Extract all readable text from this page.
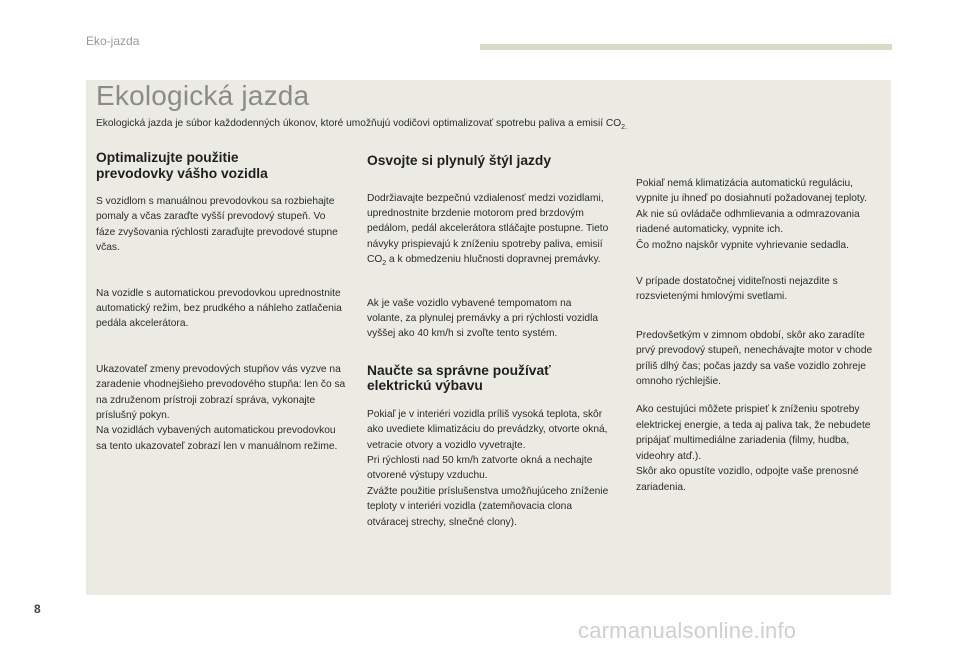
Eko-jazda
Ekologická jazda
Ekologická jazda je súbor každodenných úkonov, ktoré umožňujú vodičovi optimalizovať spotrebu paliva a emisií $CO_{2.}$
Optimalizujte použitie
prevodovky vášho vozidla

S vozidlom s manuálnou prevodovkou sa rozbiehajte pomaly a včas zaraďte vyšší prevodový stupeň. Vo fáze zvyšovania rýchlosti zaraďujte prevodové stupne včas.

Na vozidle s automatickou prevodovkou uprednostnite automatický režim, bez prudkého a náhleho zatlačenia pedála akcelerátora.

Ukazovateľ zmeny prevodových stupňov vás vyzve na zaradenie vhodnejšieho prevodového stupňa: len čo sa na združenom prístroji zobrazí správa, vykonajte príslušný pokyn.

Na vozidlách vybavených automatickou prevodovkou sa tento ukazovateľ zobrazí len v manuálnom režime.

Osvojte si plynulý štýl jazdy

Dodržiavajte bezpečnú vzdialenosť medzi vozidlami, uprednostnite brzdenie motorom pred brzdovým pedálom, pedál akcelerátora stláčajte postupne. Tieto návyky prispievajú k zníženiu spotreby paliva, emisií $CO_2$ a k obmedzeniu hlučnosti dopravnej premávky.

Ak je vaše vozidlo vybavené tempomatom na volante, za plynulej premávky a pri rýchlosti vozidla vyššej ako 40 km/h si zvoľte tento systém.

Naučte sa správne používať
elektrickú výbavu

Pokiaľ je v interiéri vozidla príliš vysoká teplota, skôr ako uvediete klimatizáciu do prevádzky, otvorte okná, vetracie otvory a vozidlo vyvetrajte.

Pri rýchlosti nad 50 km/h zatvorte okná a nechajte otvorené výstupy vzduchu.

Zvážte použitie príslušenstva umožňujúceho zníženie teploty v interiéri vozidla (zatemňovacia clona otváracej strechy, slnečné clony).

Pokiaľ nemá klimatizácia automatickú reguláciu, vypnite ju ihneď po dosiahnutí požadovanej teploty.

Ak nie sú ovládače odhmlievania a odmrazovania riadené automaticky, vypnite ich.

Čo možno najskôr vypnite vyhrievanie sedadla.

V prípade dostatočnej viditeľnosti nejazdite s rozsvietenými hmlovými svetlami.

Predovšetkým v zimnom období, skôr ako zaradíte prvý prevodový stupeň, nenechávajte motor v chode príliš dlhý čas; počas jazdy sa vaše vozidlo zohreje omnoho rýchlejšie.

Ako cestujúci môžete prispieť k zníženiu spotreby elektrickej energie, a teda aj paliva tak, že nebudete pripájať multimediálne zariadenia (filmy, hudba, videohry atď.).

Skôr ako opustíte vozidlo, odpojte vaše prenosné zariadenia.

8
carmanualsonline.info
